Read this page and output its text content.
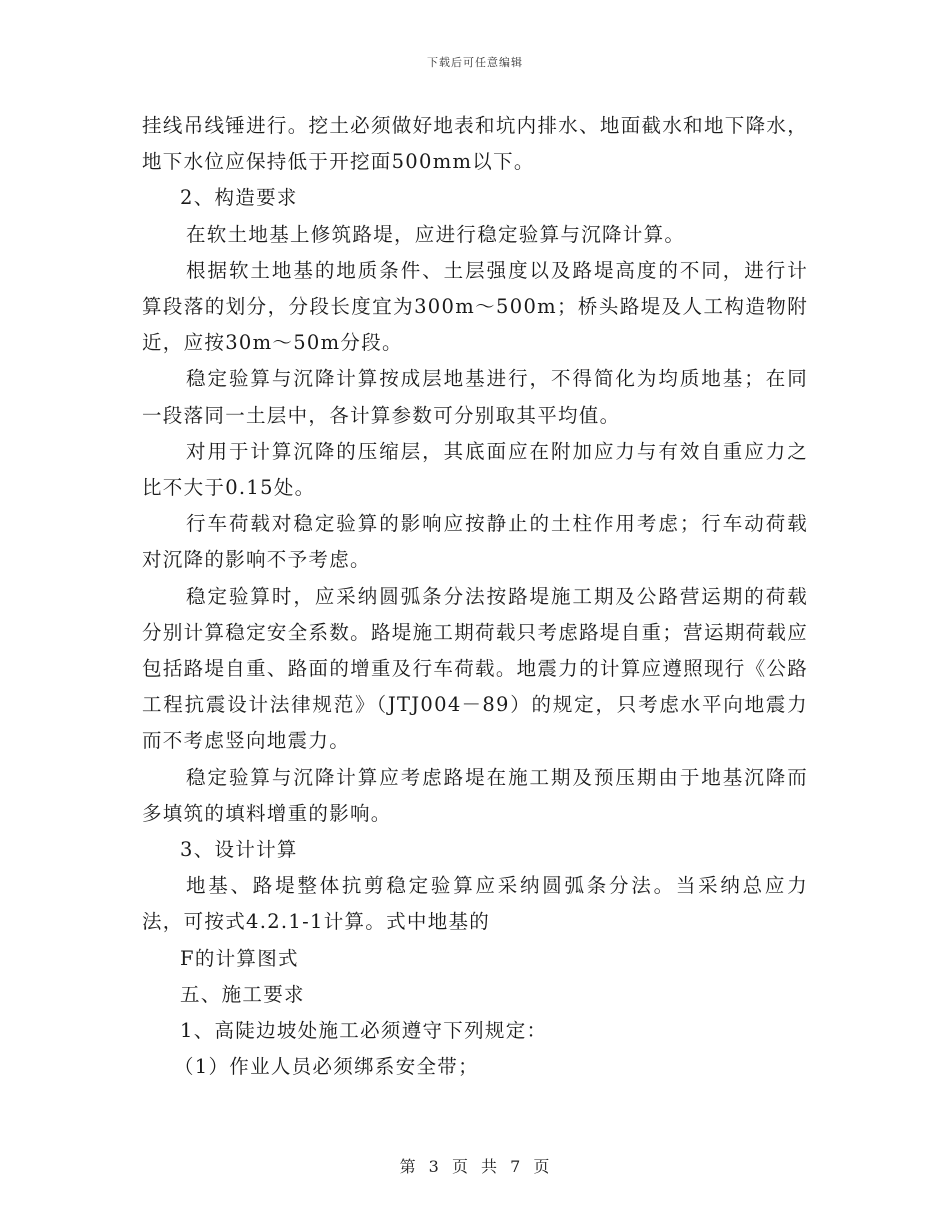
下载后可任意编辑

挂线吊线锤进行。挖土必须做好地表和坑内排水、地面截水和地下降水，地下水位应保持低于开挖面500mm以下。

2、构造要求

在软土地基上修筑路堤，应进行稳定验算与沉降计算。

根据软土地基的地质条件、土层强度以及路堤高度的不同，进行计算段落的划分，分段长度宜为300m～500m；桥头路堤及人工构造物附近，应按30m～50m分段。

稳定验算与沉降计算按成层地基进行，不得简化为均质地基；在同一段落同一土层中，各计算参数可分别取其平均值。

对用于计算沉降的压缩层，其底面应在附加应力与有效自重应力之比不大于0.15处。

行车荷载对稳定验算的影响应按静止的土柱作用考虑；行车动荷载对沉降的影响不予考虑。

稳定验算时，应采纳圆弧条分法按路堤施工期及公路营运期的荷载分别计算稳定安全系数。路堤施工期荷载只考虑路堤自重；营运期荷载应包括路堤自重、路面的增重及行车荷载。地震力的计算应遵照现行《公路工程抗震设计法律规范》（JTJ004－89）的规定，只考虑水平向地震力而不考虑竖向地震力。

稳定验算与沉降计算应考虑路堤在施工期及预压期由于地基沉降而多填筑的填料增重的影响。

3、设计计算

地基、路堤整体抗剪稳定验算应采纳圆弧条分法。当采纳总应力法，可按式4.2.1-1计算。式中地基的

F的计算图式

五、施工要求

1、高陡边坡处施工必须遵守下列规定：

（1）作业人员必须绑系安全带；

第 3 页 共 7 页
